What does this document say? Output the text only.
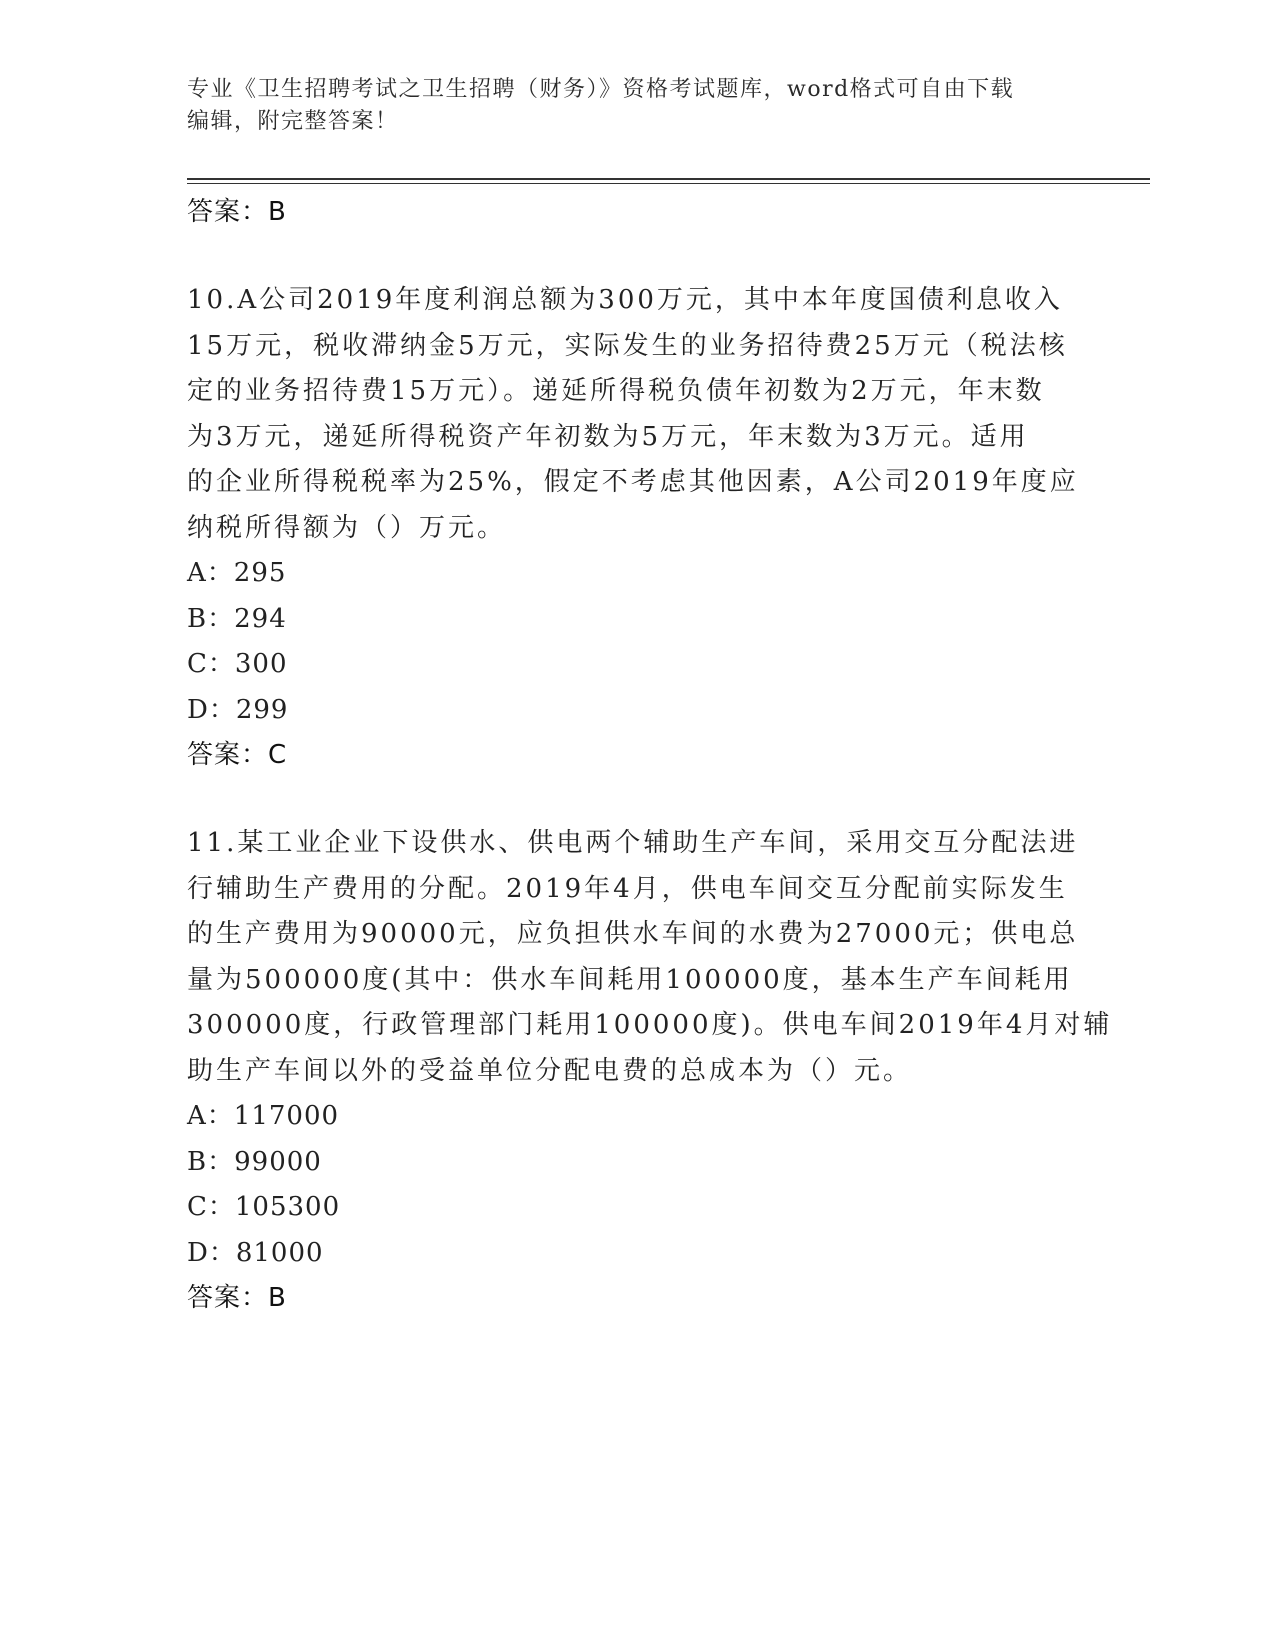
专业《卫生招聘考试之卫生招聘（财务）》资格考试题库，word格式可自由下载
编辑，附完整答案！
答案：B
10.A公司2019年度利润总额为300万元，其中本年度国债利息收入
15万元，税收滞纳金5万元，实际发生的业务招待费25万元（税法核
定的业务招待费15万元）。递延所得税负债年初数为2万元，年末数
为3万元，递延所得税资产年初数为5万元，年末数为3万元。适用
的企业所得税税率为25%，假定不考虑其他因素，A公司2019年度应
纳税所得额为（）万元。
A：295
B：294
C：300
D：299
答案：C
11.某工业企业下设供水、供电两个辅助生产车间，采用交互分配法进
行辅助生产费用的分配。2019年4月，供电车间交互分配前实际发生
的生产费用为90000元，应负担供水车间的水费为27000元；供电总
量为500000度(其中：供水车间耗用100000度，基本生产车间耗用
300000度，行政管理部门耗用100000度)。供电车间2019年4月对辅
助生产车间以外的受益单位分配电费的总成本为（）元。
A：117000
B：99000
C：105300
D：81000
答案：B
